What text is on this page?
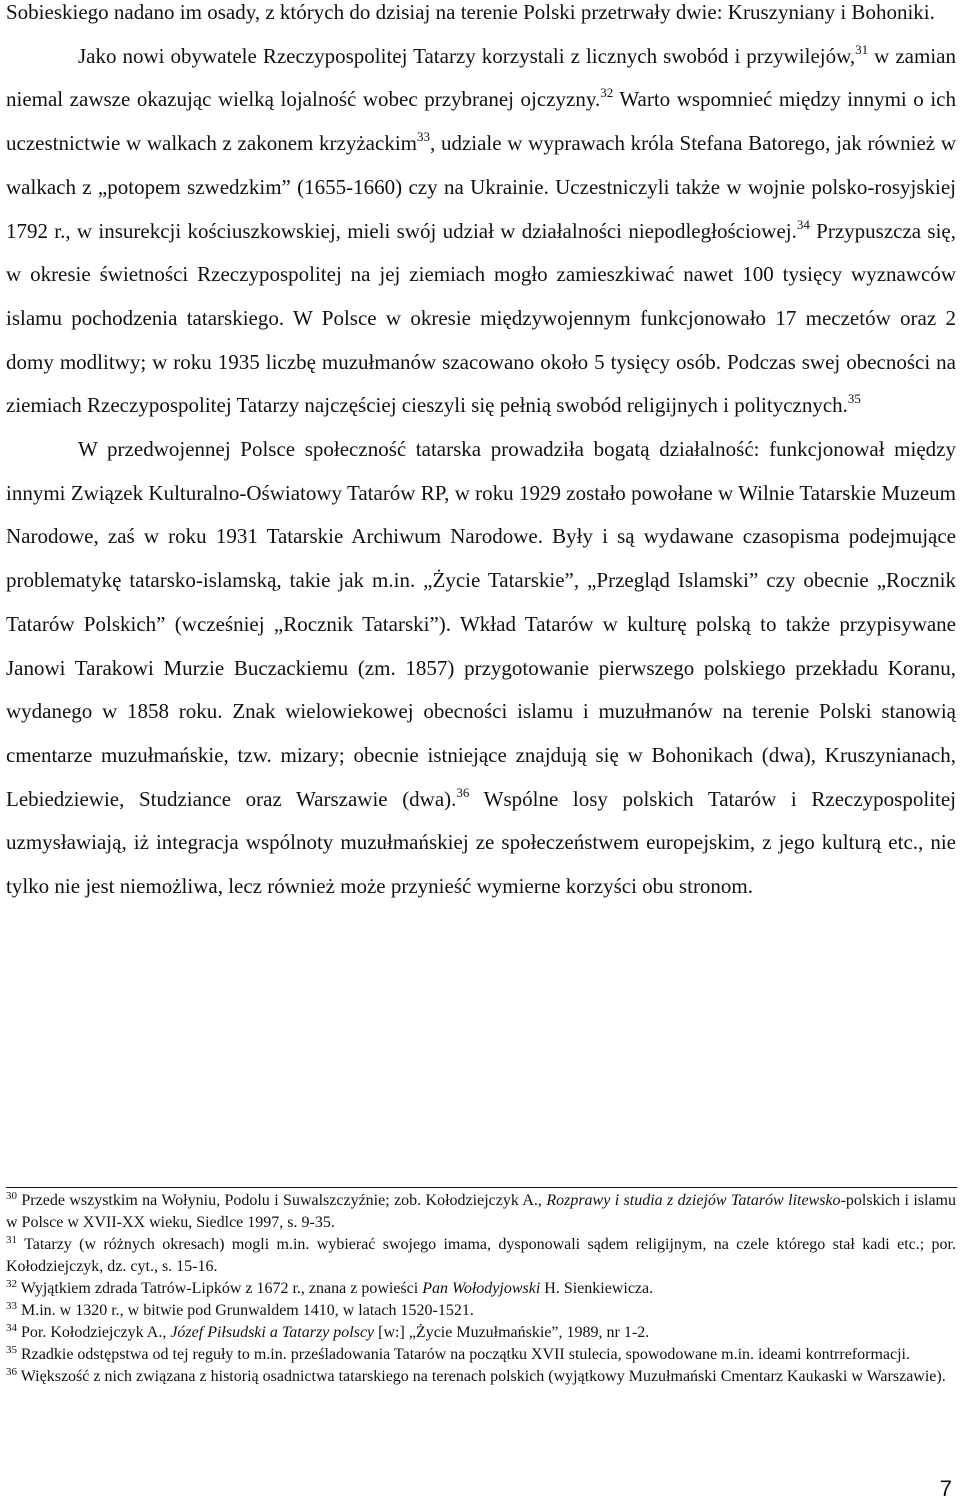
Sobieskiego nadano im osady, z których do dzisiaj na terenie Polski przetrwały dwie: Kruszyniany i Bohoniki.

Jako nowi obywatele Rzeczypospolitej Tatarzy korzystali z licznych swobód i przywilejów,$^{31}$ w zamian niemal zawsze okazując wielką lojalność wobec przybranej ojczyzny.$^{32}$ Warto wspomnieć między innymi o ich uczestnictwie w walkach z zakonem krzyżackim$^{33}$, udziale w wyprawach króla Stefana Batorego, jak również w walkach z „potopem szwedzkim” (1655-1660) czy na Ukrainie. Uczestniczyli także w wojnie polsko-rosyjskiej 1792 r., w insurekcji kościuszkowskiej, mieli swój udział w działalności niepodległościowej.$^{34}$ Przypuszcza się, w okresie świetności Rzeczypospolitej na jej ziemiach mogło zamieszkiwać nawet 100 tysięcy wyznawców islamu pochodzenia tatarskiego. W Polsce w okresie międzywojennym funkcjonowało 17 meczetów oraz 2 domy modlitwy; w roku 1935 liczbę muzułmanów szacowano około 5 tysięcy osób. Podczas swej obecności na ziemiach Rzeczypospolitej Tatarzy najczęściej cieszyli się pełnią swobód religijnych i politycznych.$^{35}$

W przedwojennej Polsce społeczność tatarska prowadziła bogatą działalność: funkcjonował między innymi Związek Kulturalno-Oświatowy Tatarów RP, w roku 1929 zostało powołane w Wilnie Tatarskie Muzeum Narodowe, zaś w roku 1931 Tatarskie Archiwum Narodowe. Były i są wydawane czasopisma podejmujące problematykę tatarsko-islamską, takie jak m.in. „Życie Tatarskie”, „Przegląd Islamski” czy obecnie „Rocznik Tatarów Polskich” (wcześniej „Rocznik Tatarski”). Wkład Tatarów w kulturę polską to także przypisywane Janowi Tarakowi Murzie Buczackiemu (zm. 1857) przygotowanie pierwszego polskiego przekładu Koranu, wydanego w 1858 roku. Znak wielowiekowej obecności islamu i muzułmanów na terenie Polski stanowią cmentarze muzułmańskie, tzw. mizary; obecnie istniejące znajdują się w Bohonikach (dwa), Kruszynianach, Lebiedziewie, Studziance oraz Warszawie (dwa).$^{36}$ Wspólne losy polskich Tatarów i Rzeczypospolitej uzmysławiają, iż integracja wspólnoty muzułmańskiej ze społeczeństwem europejskim, z jego kulturą etc., nie tylko nie jest niemożliwa, lecz również może przynieść wymierne korzyści obu stronom.

$^{30}$ Przede wszystkim na Wołyniu, Podolu i Suwalszczyźnie; zob. Kołodziejczyk A., Rozprawy i studia z dziejów Tatarów litewsko-polskich i islamu w Polsce w XVII-XX wieku, Siedlce 1997, s. 9-35.

$^{31}$ Tatarzy (w różnych okresach) mogli m.in. wybierać swojego imama, dysponowali sądem religijnym, na czele którego stał kadi etc.; por. Kołodziejczyk, dz. cyt., s. 15-16.

$^{32}$ Wyjątkiem zdrada Tatrów-Lipków z 1672 r., znana z powieści Pan Wołodyjowski H. Sienkiewicza.

$^{33}$ M.in. w 1320 r., w bitwie pod Grunwaldem 1410, w latach 1520-1521.

$^{34}$ Por. Kołodziejczyk A., Józef Piłsudski a Tatarzy polscy [w:] „Życie Muzułmańskie”, 1989, nr 1-2.

$^{35}$ Rzadkie odstępstwa od tej reguły to m.in. prześladowania Tatarów na początku XVII stulecia, spowodowane m.in. ideami kontrreformacji.

$^{36}$ Większość z nich związana z historią osadnictwa tatarskiego na terenach polskich (wyjątkowy Muzułmański Cmentarz Kaukaski w Warszawie).

7
